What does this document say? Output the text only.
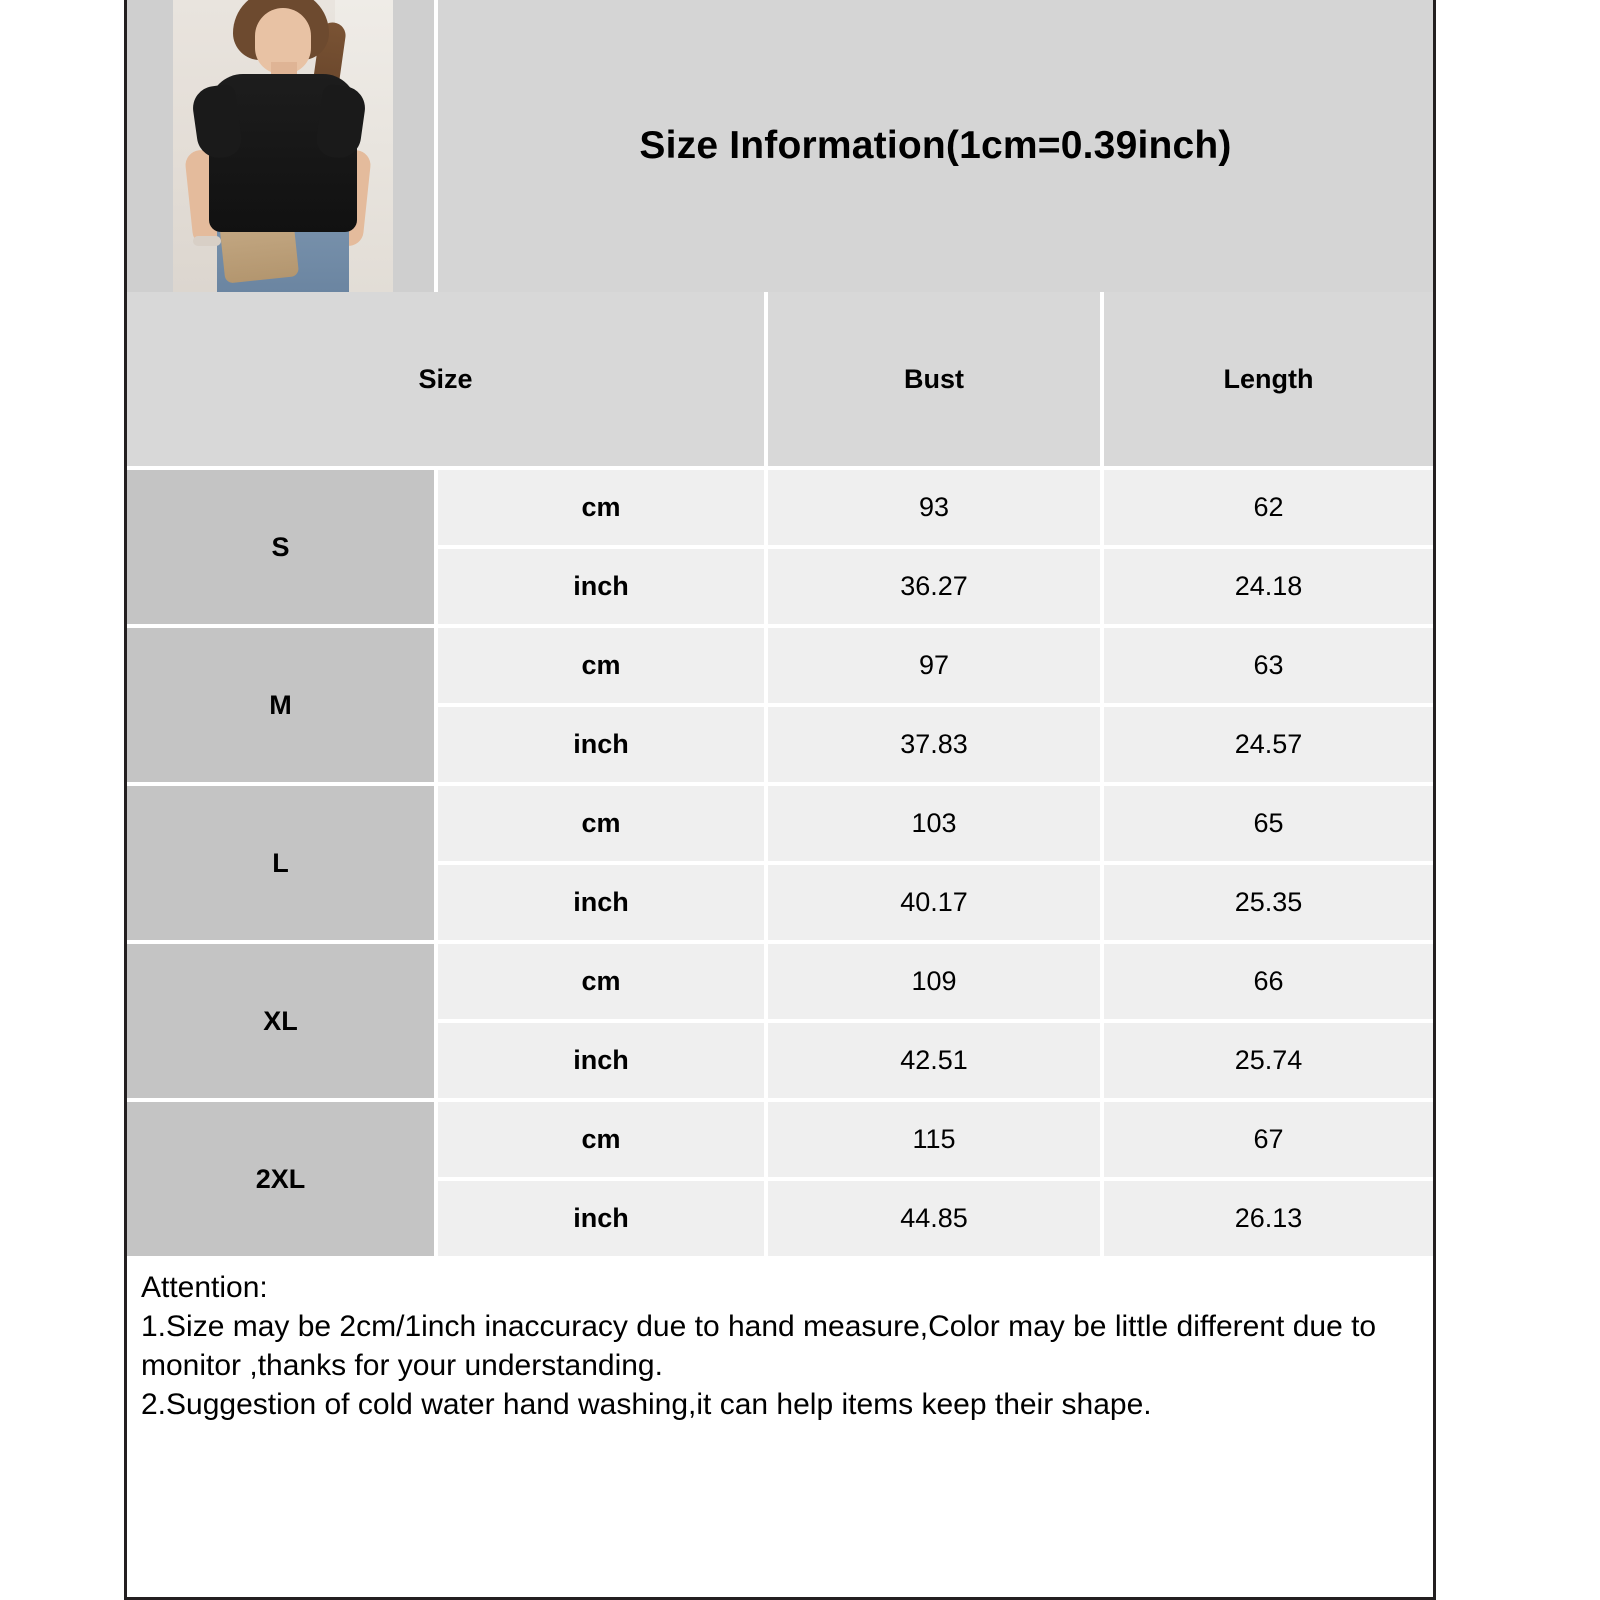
Size Information(1cm=0.39inch)
Size		Bust	Length
S	cm	93	62
	inch	36.27	24.18
M	cm	97	63
	inch	37.83	24.57
L	cm	103	65
	inch	40.17	25.35
XL	cm	109	66
	inch	42.51	25.74
2XL	cm	115	67
	inch	44.85	26.13

Attention:

1.Size may be 2cm/1inch inaccuracy due to hand measure,Color may be little different due to monitor ,thanks for your understanding.

2.Suggestion of cold water hand washing,it can help items keep their shape.
